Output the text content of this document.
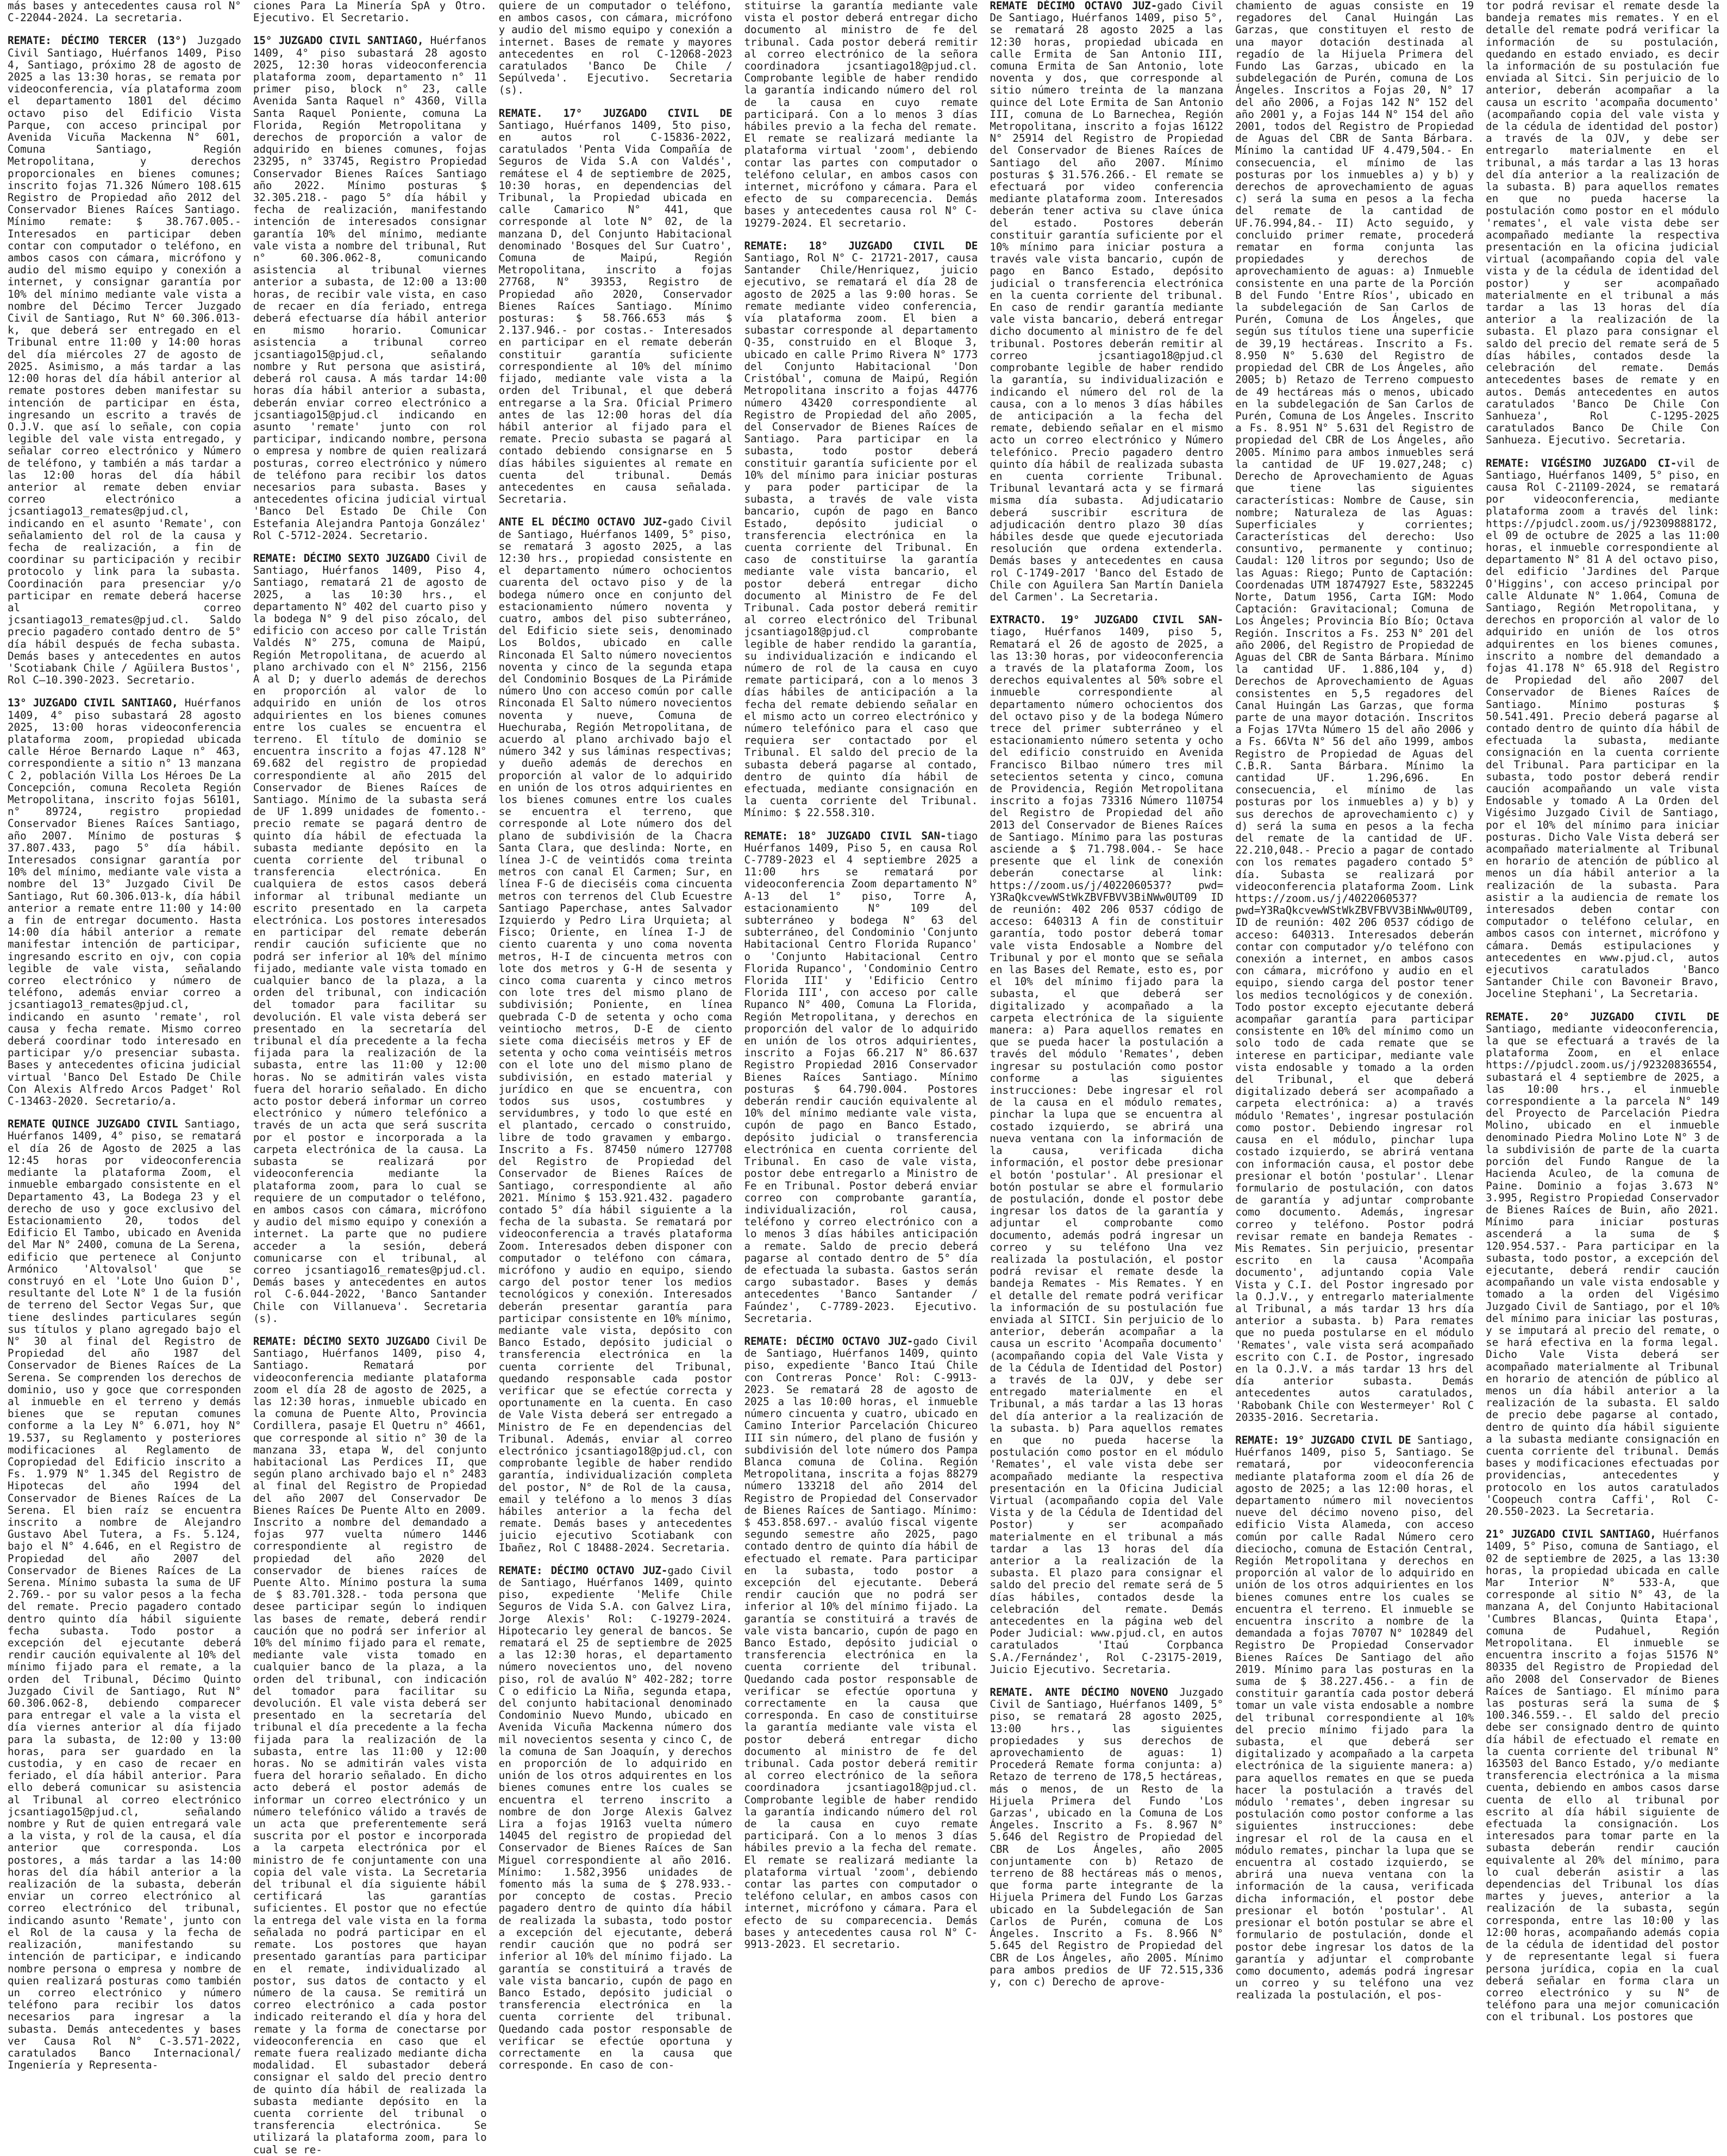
más bases y antecedentes causa rol N° C-22044-2024. La secretaria.

REMATE: DÉCIMO TERCER (13°) Juzgado Civil Santiago, Huérfanos 1409, Piso 4, Santiago, próximo 28 de agosto de 2025 a las 13:30 horas, se remata por videoconferencia, vía plataforma zoom el departamento 1801 del décimo octavo piso del Edificio Vista Parque, con acceso principal por Avenida Vicuña Mackenna N° 601, Comuna Santiago, Región Metropolitana, y derechos proporcionales en bienes comunes; inscrito fojas 71.326 Número 108.615 Registro de Propiedad año 2012 del Conservador Bienes Raíces Santiago. Mínimo remate: $ 38.767.005.- Interesados en participar deben contar con computador o teléfono, en ambos casos con cámara, micrófono y audio del mismo equipo y conexión a internet, y consignar garantía por 10% del mínimo mediante vale vista a nombre del Décimo Tercer Juzgado Civil de Santiago, Rut N° 60.306.013-k, que deberá ser entregado en el Tribunal entre 11:00 y 14:00 horas del día miércoles 27 de agosto de 2025. Asimismo, a más tardar a las 12:00 horas del día hábil anterior al remate postores deben manifestar su intención de participar en ésta, ingresando un escrito a través de O.J.V. que así lo señale, con copia legible del vale vista entregado, y señalar correo electrónico y Número de teléfono, y también a más tardar a las 12:00 horas del día hábil anterior al remate deben enviar correo electrónico a jcsantiago13_remates@pjud.cl, indicando en el asunto 'Remate', con señalamiento del rol de la causa y fecha de realización, a fin de coordinar su participación y recibir protocolo y link para la subasta. Coordinación para presenciar y/o participar en remate deberá hacerse al correo jcsantiago13_remates@pjud.cl. Saldo precio pagadero contado dentro de 5° día hábil después de fecha subasta. Demás bases y antecedentes en autos 'Scotiabank Chile / Agüilera Bustos', Rol C—10.390-2023. Secretario.

13° JUZGADO CIVIL SANTIAGO, Huérfanos 1409, 4° piso subastará 28 agosto 2025, 13:00 horas videoconferencia plataforma zoom, propiedad ubicada calle Héroe Bernardo Laque n° 463, correspondiente a sitio n° 13 manzana C 2, población Villa Los Héroes De La Concepción, comuna Recoleta Región Metropolitana, inscrito fojas 56101, n° 89724, registro propiedad Conservador Bienes Raíces Santiago, año 2007. Mínimo de posturas $ 37.807.433, pago 5° día hábil. Interesados consignar garantía por 10% del mínimo, mediante vale vista a nombre del 13° Juzgado Civil De Santiago, Rut 60.306.013-k, día hábil anterior a remate entre 11:00 y 14:00 a fin de entregar documento. Hasta 14:00 día hábil anterior a remate manifestar intención de participar, ingresando escrito en ojv, con copia legible de vale vista, señalando correo electrónico y número de teléfono, además enviar correo a jcsantiago13_remates@pjud.cl, indicando en asunto 'remate', rol causa y fecha remate. Mismo correo deberá coordinar todo interesado en participar y/o presenciar subasta. Bases y antecedentes oficina judicial virtual 'Banco Del Estado De Chile Con Alexis Alfredo Arcos Padget' Rol C-13463-2020. Secretario/a.

REMATE QUINCE JUZGADO CIVIL Santiago, Huérfanos 1409, 4° piso, se rematará el día 26 de Agosto de 2025 a las 12:45 horas por videoconferencia mediante la plataforma Zoom, el inmueble embargado consistente en el Departamento 43, La Bodega 23 y el derecho de uso y goce exclusivo del Estacionamiento 20, todos del Edificio El Tambo, ubicado en Avenida del Mar N° 2400, comuna de La Serena, edificio que pertenece al Conjunto Armónico 'Altovalsol' que se construyó en el 'Lote Uno Guion D', resultante del Lote N° 1 de la fusión de terreno del Sector Vegas Sur, que tiene deslindes particulares según sus títulos y plano agregado bajo el N° 30 al final del Registro de Propiedad del año 1987 del Conservador de Bienes Raíces de La Serena. Se comprenden los derechos de dominio, uso y goce que corresponden al inmueble en el terreno y demás bienes que se reputan comunes conforme a la Ley N° 6.071, hoy N° 19.537, su Reglamento y posteriores modificaciones al Reglamento de Copropiedad del Edificio inscrito a Fs. 1.979 N° 1.345 del Registro de Hipotecas del año 1994 del Conservador de Bienes Raíces de La Serena. El bien raíz se encuentra inscrito a nombre de Alejandro Gustavo Abel Tutera, a Fs. 5.124, bajo el N° 4.646, en el Registro de Propiedad del año 2007 del Conservador de Bienes Raíces de La Serena. Mínimo subasta la suma de UF 2.769.- por su valor pesos a la fecha del remate. Precio pagadero contado dentro quinto día hábil siguiente fecha subasta. Todo postor a excepción del ejecutante deberá rendir caución equivalente al 10% del mínimo fijado para el remate, a la orden del Tribunal, Décimo Quinto Juzgado Civil de Santiago, Rut N° 60.306.062-8, debiendo comparecer para entregar el vale a la vista el día viernes anterior al día fijado para la subasta, de 12:00 y 13:00 horas, para ser guardado en la custodia, y en caso de recaer en feriado, el día hábil anterior. Para ello deberá comunicar su asistencia al Tribunal al correo electrónico jcsantiago15@pjud.cl, señalando nombre y Rut de quien entregará vale a la vista, y rol de la causa, el día anterior que corresponda. Los postores, a más tardar a las 14:00 horas del día hábil anterior a la realización de la subasta, deberán enviar un correo electrónico al correo electrónico del tribunal, indicando asunto 'Remate', junto con el Rol de la causa y la fecha de realización, manifestando su intención de participar, e indicando nombre persona o empresa y nombre de quien realizará posturas como también un correo electrónico y número teléfono para recibir los datos necesarios para ingresar a la subasta. Demás antecedentes y bases ver Causa Rol N° C-3.571-2022, caratulados Banco Internacional/ Ingeniería y Representa-

ciones Para La Minería SpA y Otro. Ejecutivo. El Secretario.

15° JUZGADO CIVIL SANTIAGO, Huérfanos 1409, 4° piso subastará 28 agosto 2025, 12:30 horas videoconferencia plataforma zoom, departamento n° 11 primer piso, block n° 23, calle Avenida Santa Raquel n° 4360, Villa Santa Raquel Poniente, comuna La Florida, Región Metropolitana y derechos de proporción a valor de adquirido en bienes comunes, fojas 23295, n° 33745, Registro Propiedad Conservador Bienes Raíces Santiago año 2022. Mínimo posturas $ 32.305.218.- pago 5° día hábil y fecha de realización, manifestando intención de interesados consignar garantía 10% del mínimo, mediante vale vista a nombre del tribunal, Rut n° 60.306.062-8, comunicando asistencia al tribunal viernes anterior a subasta, de 12:00 a 13:00 horas, de recibir vale vista, en caso de recaer en día feriado, entrega deberá efectuarse día hábil anterior en mismo horario. Comunicar asistencia a tribunal correo jcsantiago15@pjud.cl, señalando nombre y Rut persona que asistirá, deberá rol causa. A más tardar 14:00 horas día hábil anterior a subasta, deberán enviar correo electrónico a jcsantiago15@pjud.cl indicando en asunto 'remate' junto con rol participar, indicando nombre, persona o empresa y nombre de quien realizará posturas, correo electrónico y número de teléfono para recibir los datos necesarios para subasta. Bases y antecedentes oficina judicial virtual 'Banco Del Estado De Chile Con Estefania Alejandra Pantoja González' Rol C-5712-2024. Secretario.

REMATE: DÉCIMO SEXTO JUZGADO Civil de Santiago, Huérfanos 1409, Piso 4, Santiago, rematará 21 de agosto de 2025, a las 10:30 hrs., el departamento N° 402 del cuarto piso y la bodega N° 9 del piso zócalo, del edificio con acceso por calle Tristán Valdés N° 275, comuna de Maipú, Región Metropolitana, de acuerdo al plano archivado con el N° 2156, 2156 A al D; y duerlo además de derechos en proporción al valor de lo adquirido en unión de los otros adquirientes en los bienes comunes entre los cuales se encuentra el terreno. El título de dominio se encuentra inscrito a fojas 47.128 N° 69.682 del registro de propiedad correspondiente al año 2015 del Conservador de Bienes Raíces de Santiago. Mínimo de la subasta será de UF 1.899 unidades de fomento.- precio remate se pagará dentro de quinto día hábil de efectuada la subasta mediante depósito en la cuenta corriente del tribunal o transferencia electrónica. En cualquiera de estos casos deberá informar al tribunal mediante un escrito presentado en la carpeta electrónica. Los postores interesados en participar del remate deberán rendir caución suficiente que no podrá ser inferior al 10% del mínimo fijado, mediante vale vista tomado en cualquier banco de la plaza, a la orden del tribunal, con indicación del tomador para facilitar su devolución. El vale vista deberá ser presentado en la secretaría del tribunal el día precedente a la fecha fijada para la realización de la subasta, entre las 11:00 y 12:00 horas. No se admitirán vales vista fuera del horario señalado. En dicho acto postor deberá informar un correo electrónico y número telefónico a través de un acta que será suscrita por el postor e incorporada a la carpeta electrónica de la causa. La subasta se realizará por videoconferencia mediante la plataforma zoom, para lo cual se requiere de un computador o teléfono, en ambos casos con cámara, micrófono y audio del mismo equipo y conexión a internet. La parte que no pudiere acceder a la sesión, deberá comunicarse con el tribunal, al correo jcsantiago16_remates@pjud.cl. Demás bases y antecedentes en autos rol C-6.044-2022, 'Banco Santander Chile con Villanueva'. Secretaria (s).

REMATE: DÉCIMO SEXTO JUZGADO Civil De Santiago, Huérfanos 1409, piso 4, Santiago. Rematará por videoconferencia mediante plataforma zoom el día 28 de agosto de 2025, a las 12:30 horas, inmueble ubicado en la comuna de Puente Alto, Provincia Cordillera, pasaje El Quetru n° 4661, que corresponde al sitio n° 30 de la manzana 33, etapa W, del conjunto habitacional Las Perdices II, que según plano archivado bajo el n° 2483 al final del Registro de Propiedad del año 2007 del Conservador De Bienes Raíces De Puente Alto en 2009. Inscrito a nombre del demandado a fojas 977 vuelta número 1446 correspondiente al registro de propiedad del año 2020 del conservador de bienes raíces de Puente Alto. Mínimo postura la suma de $ 83.701.328.- toda persona que desee participar según lo indiquen las bases de remate, deberá rendir caución que no podrá ser inferior al 10% del mínimo fijado para el remate, mediante vale vista tomado en cualquier banco de la plaza, a la orden del tribunal, con indicación del tomador para facilitar su devolución. El vale vista deberá ser presentado en la secretaría del tribunal el día precedente a la fecha fijada para la realización de la subasta, entre las 11:00 y 12:00 horas. No se admitirán vales vista fuera del horario señalado. En dicho acto deberá el postor además de informar un correo electrónico y un número telefónico válido a través de un acta que preferentemente será suscrita por el postor e incorporada a la carpeta electrónica por el ministro de fe conjuntamente con una copia del vale vista. La Secretaria del tribunal el día siguiente hábil certificará las garantías suficientes. El postor que no efectúe la entrega del vale vista en la forma señalada no podrá participar en el remate. Los postores que hayan presentado garantías para participar en el remate, individualizado al postor, sus datos de contacto y el número de la causa. Se remitirá un correo electrónico a cada postor indicado reiterando el día y hora del remate y la forma de conectarse por videoconferencia en caso que el remate fuera realizado mediante dicha modalidad. El subastador deberá consignar el saldo del precio dentro de quinto día hábil de realizada la subasta mediante depósito en la cuenta corriente del tribunal o transferencia electrónica. Se utilizará la plataforma zoom, para lo cual se re-

quiere de un computador o teléfono, en ambos casos, con cámara, micrófono y audio del mismo equipo y conexión a internet. Bases de remate y mayores antecedentes en rol C-12068-2023 caratulados 'Banco De Chile / Sepúlveda'. Ejecutivo. Secretaria (s).

REMATE. 17° JUZGADO CIVIL DE Santiago, Huérfanos 1409, 5to piso, en autos rol C-15836-2022, caratulados 'Penta Vida Compañía de Seguros de Vida S.A con Valdés', remátese el 4 de septiembre de 2025, 10:30 horas, en dependencias del Tribunal, la Propiedad ubicada en calle Camarico N° 441, que corresponde al lote N° 02, de la manzana D, del Conjunto Habitacional denominado 'Bosques del Sur Cuatro', Comuna de Maipú, Región Metropolitana, inscrito a fojas 27768, N° 39353, Registro de Propiedad año 2020, Conservador Bienes Raíces Santiago. Mínimo posturas: $ 58.766.653 más $ 2.137.946.- por costas.- Interesados en participar en el remate deberán constituir garantía suficiente correspondiente al 10% del mínimo fijado, mediante vale vista a la orden del Tribunal, el que deberá entregarse a la Sra. Oficial Primero antes de las 12:00 horas del día hábil anterior al fijado para el remate. Precio subasta se pagará al contado debiendo consignarse en 5 días hábiles siguientes al remate en cuenta del tribunal. Demás antecedentes en causa señalada. Secretaria.

ANTE EL DÉCIMO OCTAVO JUZ-gado Civil de Santiago, Huérfanos 1409, 5° piso, se rematará 3 agosto 2025, a las 12:30 hrs., propiedad consistente en el departamento número ochocientos cuarenta del octavo piso y de la bodega número once en conjunto del estacionamiento número noventa y cuatro, ambos del piso subterráneo, del Edificio siete seis, denominado Los Boldos, ubicado en calle Rinconada El Salto número novecientos noventa y cinco de la segunda etapa del Condominio Bosques de La Pirámide número Uno con acceso común por calle Rinconada El Salto número novecientos noventa y nueve, Comuna de Huechuraba, Región Metropolitana, de acuerdo al plano archivado bajo el número 342 y sus láminas respectivas; y dueño además de derechos en proporción al valor de lo adquirido en unión de los otros adquirientes en los bienes comunes entre los cuales se encuentra el terreno, que corresponde al Lote número dos del plano de subdivisión de la Chacra Santa Clara, que deslinda: Norte, en línea J-C de veintidós coma treinta metros con canal El Carmen; Sur, en línea F-G de dieciséis coma cincuenta metros con terrenos del Club Ecuestre Santiago Paperchase, antes Salvador Izquierdo y Pedro Lira Urquieta; al Fisco; Oriente, en línea I-J de ciento cuarenta y uno coma noventa metros, H-I de cincuenta metros con lote dos metros y G-H de sesenta y cinco coma cuarenta y cinco metros con lote tres del mismo plano de subdivisión; Poniente, en línea quebrada C-D de setenta y ocho coma veintiocho metros, D-E de ciento siete coma dieciséis metros y EF de setenta y ocho coma veintiséis metros con el lote uno del mismo plano de subdivisión, en estado material y jurídico en que se encuentra, con todos sus usos, costumbres y servidumbres, y todo lo que esté en el plantado, cercado o construido, libre de todo gravamen y embargo. Inscrito a Fs. 87450 número 127708 del Registro de Propiedad del Conservador de Bienes Raíces de Santiago, correspondiente al año 2021. Mínimo $ 153.921.432. pagadero contado 5° día hábil siguiente a la fecha de la subasta. Se rematará por videoconferencia a través plataforma Zoom. Interesados deben disponer con computador o teléfono con cámara, micrófono y audio en equipo, siendo cargo del postor tener los medios tecnológicos y conexión. Interesados deberán presentar garantía para participar consistente en 10% mínimo, mediante vale vista, depósito con Banco Estado, depósito judicial o transferencia electrónica en la cuenta corriente del Tribunal, quedando responsable cada postor verificar que se efectúe correcta y oportunamente en la cuenta. En caso de Vale Vista deberá ser entregado a Ministro de Fe en dependencias del Tribunal. Además, enviar al correo electrónico jcsantiago18@pjud.cl, con comprobante legible de haber rendido garantía, individualización completa del postor, N° de Rol de la causa, email y teléfono a lo menos 3 días hábiles anterior a la fecha del remate. Demás bases y antecedentes juicio ejecutivo Scotiabank con Ibañez, Rol C 18488-2024. Secretaria.

REMATE: DÉCIMO OCTAVO JUZ-gado Civil de Santiago, Huérfanos 1409, quinto piso, expediente 'Melife Chile Seguros de Vida S.A. con Galvez Lira, Jorge Alexis' Rol: C-19279-2024. Hipotecario ley general de bancos. Se rematará el 25 de septiembre de 2025 a las 12:30 horas, el departamento número novecientos uno, del noveno piso, rol de avalúo N° 402-282; torre C o edificio La Niña, segunda etapa, del conjunto habitacional denominado Condominio Nuevo Mundo, ubicado en Avenida Vicuña Mackenna número dos mil novecientos sesenta y cinco C, de la comuna de San Joaquín, y derechos en proporción de lo adquirido en unión de los otros adquirentes en los bienes comunes entre los cuales se encuentra el terreno inscrito a nombre de don Jorge Alexis Galvez Lira a fojas 19163 vuelta número 14045 del registro de propiedad del Conservador de Bienes Raíces de San Miguel correspondiente al año 2016. Mínimo: 1.582,3956 unidades de fomento más la suma de $ 278.933.- por concepto de costas. Precio pagadero dentro de quinto día hábil de realizada la subasta, todo postor a excepción del ejecutante, deberá rendir caución que no podrá ser inferior al 10% del mínimo fijado. La garantía se constituirá a través de vale vista bancario, cupón de pago en Banco Estado, depósito judicial o transferencia electrónica en la cuenta corriente del tribunal. Quedando cada postor responsable de verificar se efectúe oportuna y correctamente en la causa que corresponde. En caso de con-

stituirse la garantía mediante vale vista el postor deberá entregar dicho documento al ministro de fe del tribunal. Cada postor deberá remitir al correo electrónico de la señora coordinadora jcsantiago18@pjud.cl. Comprobante legible de haber rendido la garantía indicando número del rol de la causa en cuyo remate participará. Con a lo menos 3 días hábiles previo a la fecha del remate. El remate se realizará mediante la plataforma virtual 'zoom', debiendo contar las partes con computador o teléfono celular, en ambos casos con internet, micrófono y cámara. Para el efecto de su comparecencia. Demás bases y antecedentes causa rol N° C-19279-2024. El secretario.

REMATE: 18° JUZGADO CIVIL DE Santiago, Rol N° C- 21721-2017, causa Santander Chile/Henriquez, juicio ejecutivo, se rematará el día 28 de agosto de 2025 a las 9:00 horas. Se remate mediante video conferencia, vía plataforma zoom. El bien a subastar corresponde al departamento Q-35, construido en el Bloque 3, ubicado en calle Primo Rivera N° 1773 del Conjunto Habitacional 'Don Cristóbal', comuna de Maipú, Región Metropolitana inscrito a fojas 44776 número 43420 correspondiente al Registro de Propiedad del año 2005, del Conservador de Bienes Raíces de Santiago. Para participar en la subasta, todo postor deberá constituir garantía suficiente por el 10% del mínimo para iniciar posturas y para poder participar de la subasta, a través de vale vista bancario, cupón de pago en Banco Estado, depósito judicial o transferencia electrónica en la cuenta corriente del Tribunal. En caso de constituirse la garantía mediante vale vista bancario, el postor deberá entregar dicho documento al Ministro de Fe del Tribunal. Cada postor deberá remitir al correo electrónico del Tribunal jcsantiago18@pjud.cl comprobante legible de haber rendido la garantía, su individualización e indicando el número de rol de la causa en cuyo remate participará, con a lo menos 3 días hábiles de anticipación a la fecha del remate debiendo señalar en el mismo acto un correo electrónico y número telefónico para el caso que requiera ser contactado por el Tribunal. El saldo del precio de la subasta deberá pagarse al contado, dentro de quinto día hábil de efectuada, mediante consignación en la cuenta corriente del Tribunal. Mínimo: $ 22.558.310.

REMATE: 18° JUZGADO CIVIL SAN-tiago Huérfanos 1409, Piso 5, en causa Rol C-7789-2023 el 4 septiembre 2025 a 11:00 hrs se rematará por videoconferencia Zoom departamento N° A-13 del 1° piso, Torre A, estacionamiento N° 109 del subterráneo y bodega N° 63 del subterráneo, del Condominio 'Conjunto Habitacional Centro Florida Rupanco' o 'Conjunto Habitacional Centro Florida Rupanco', 'Condominio Centro Florida III' y 'Edificio Centro Florida III', con acceso por calle Rupanco N° 400, Comuna La Florida, Región Metropolitana, y derechos en proporción del valor de lo adquirido en unión de los otros adquirientes, inscrito a Fojas 66.217 N° 86.637 Registro Propiedad 2016 Conservador Bienes Raíces Santiago. Mínimo posturas $ 64.790.004. Postores deberán rendir caución equivalente al 10% del mínimo mediante vale vista, cupón de pago en Banco Estado, depósito judicial o transferencia electrónica en cuenta corriente del Tribunal. En caso de vale vista, postor debe entregarlo a Ministro de Fe en Tribunal. Postor deberá enviar correo con comprobante garantía, individualización, rol causa, teléfono y correo electrónico con a lo menos 3 días hábiles anticipación a remate. Saldo de precio deberá pagarse al contado dentro de 5° día de efectuada la subasta. Gastos serán cargo subastador. Bases y demás antecedentes 'Banco Santander / Faúndez', C-7789-2023. Ejecutivo. Secretaria.

REMATE: DÉCIMO OCTAVO JUZ-gado Civil de Santiago, Huérfanos 1409, quinto piso, expediente 'Banco Itaú Chile con Contreras Ponce' Rol: C-9913-2023. Se rematará 28 de agosto de 2025 a las 10:00 horas, el inmueble número cincuenta y cuatro, ubicado en Camino Interior Parcelación Chicureo III sin número, del plano de fusión y subdivisión del lote número dos Pampa Blanca comuna de Colina. Región Metropolitana, inscrita a fojas 88279 número 133218 del año 2014 del Registro de Propiedad del Conservador de Bienes Raíces de Santiago. Mínimo: $ 453.858.697.- avalúo fiscal vigente segundo semestre año 2025, pago contado dentro de quinto día hábil de efectuado el remate. Para participar en la subasta, todo postor a excepción del ejecutante. Deberá rendir caución que no podrá ser inferior al 10% del mínimo fijado. La garantía se constituirá a través de vale vista bancario, cupón de pago en Banco Estado, depósito judicial o transferencia electrónica en la cuenta corriente del tribunal. Quedando cada postor responsable de verificar se efectúe oportuna y correctamente en la causa que corresponda. En caso de constituirse la garantía mediante vale vista el postor deberá entregar dicho documento al ministro de fe del tribunal. Cada postor deberá remitir al correo electrónico de la señora coordinadora jcsantiago18@pjud.cl. Comprobante legible de haber rendido la garantía indicando número del rol de la causa en cuyo remate participará. Con a lo menos 3 días hábiles previo a la fecha del remate. El remate se realizará mediante la plataforma virtual 'zoom', debiendo contar las partes con computador o teléfono celular, en ambos casos con internet, micrófono y cámara. Para el efecto de su comparecencia. Demás bases y antecedentes causa rol N° C-9913-2023. El secretario.

REMATE DÉCIMO OCTAVO JUZ-gado Civil De Santiago, Huérfanos 1409, piso 5°, se rematará 28 agosto 2025 a las 12:30 horas, propiedad ubicada en calle Ermita de San Antonio III, comuna Ermita de San Antonio, lote noventa y dos, que corresponde al sitio número treinta de la manzana quince del Lote Ermita de San Antonio III, comuna de Lo Barnechea, Región Metropolitana, inscrito a fojas 16122 N° 25914 del Registro de Propiedad del Conservador de Bienes Raíces de Santiago del año 2007. Mínimo posturas $ 31.576.266.- El remate se efectuará por video conferencia mediante plataforma zoom. Interesados deberán tener activa su clave única del estado. Postores deberán constituir garantía suficiente por el 10% mínimo para iniciar postura a través vale vista bancario, cupón de pago en Banco Estado, depósito judicial o transferencia electrónica en la cuenta corriente del tribunal. En caso de rendir garantía mediante vale vista bancario, deberá entregar dicho documento al ministro de fe del tribunal. Postores deberán remitir al correo jcsantiago18@pjud.cl comprobante legible de haber rendido la garantía, su individualización e indicando el número del rol de la causa, con a lo menos 3 días hábiles de anticipación a la fecha del remate, debiendo señalar en el mismo acto un correo electrónico y Número telefónico. Precio pagadero dentro quinto día hábil de realizada subasta en cuenta corriente Tribunal. Tribunal levantará acta y se firmará misma día subasta. Adjudicatario deberá suscribir escritura de adjudicación dentro plazo 30 días hábiles desde que quede ejecutoriada resolución que ordena extenderla. Demás bases y antecedentes en causa rol C-1749-2017 'Banco del Estado de Chile con Aguilera San Martín Daniela del Carmen'. La Secretaria.

EXTRACTO. 19° JUZGADO CIVIL SAN-tiago, Huérfanos 1409, piso 5, Rematará el 26 de agosto de 2025, a las 13:30 horas, por videoconferencia a través de la plataforma Zoom, los derechos equivalentes al 50% sobre el inmueble correspondiente al departamento número ochocientos dos del octavo piso y de la bodega Número trece del primer subterráneo y el estacionamiento número setenta y ocho del edificio construido en Avenida Francisco Bilbao número tres mil setecientos setenta y cinco, comuna de Providencia, Región Metropolitana inscrito a fojas 73316 Número 110754 del Registro de Propiedad del año 2013 del Conservador de Bienes Raíces de Santiago. Mínimo para las posturas asciende a $ 71.798.004.- Se hace presente que el link de conexión deberán conectarse al link: https://zoom.us/j/4022060537? pwd= Y3RaQkcvewWStWkZBVFBVV3BiNWw0UT09 ID de reunión: 402 206 0537 código de acceso: 640313 A fin de constituir garantía, todo postor deberá tomar vale vista Endosable a Nombre del Tribunal y por el monto que se señala en las Bases del Remate, esto es, por el 10% del mínimo fijado para la subasta, el que deberá ser digitalizado y acompañado a la carpeta electrónica de la siguiente manera: a) Para aquellos remates en que se pueda hacer la postulación a través del módulo 'Remates', deben ingresar su postulación como postor conforme a las siguientes instrucciones: Debe ingresar el rol de la causa en el módulo remates, pinchar la lupa que se encuentra al costado izquierdo, se abrirá una nueva ventana con la información de la causa, verificada dicha información, el postor debe presionar el botón 'postular'. Al presionar el botón postular se abre el formulario de postulación, donde el postor debe ingresar los datos de la garantía y adjuntar el comprobante como documento, además podrá ingresar un correo y su teléfono Una vez realizada la postulación, el postor podrá revisar el remate desde la bandeja Remates - Mis Remates. Y en el detalle del remate podrá verificar la información de su postulación fue enviada al SITCI. Sin perjuicio de lo anterior, deberán acompañar a la causa un escrito 'Acompaña documento' (acompañando copia del Vale Vista y de la Cédula de Identidad del Postor) a través de la OJV, y debe ser entregado materialmente en el Tribunal, a más tardar a las 13 horas del día anterior a la realización de la subasta. b) Para aquellos remates en que no pueda hacerse la postulación como postor en el módulo 'Remates', el vale vista debe ser acompañado mediante la respectiva presentación en la Oficina Judicial Virtual (acompañando copia del Vale Vista y de la Cédula de Identidad del Postor) y ser acompañado materialmente en el tribunal a más tardar a las 13 horas del día anterior a la realización de la subasta. El plazo para consignar el saldo del precio del remate será de 5 días hábiles, contados desde la celebración del remate. Demás antecedentes en la página web del Poder Judicial: www.pjud.cl, en autos caratulados 'Itaú Corpbanca S.A./Fernández', Rol C-23175-2019, Juicio Ejecutivo. Secretaria.

REMATE. ANTE DÉCIMO NOVENO Juzgado Civil de Santiago, Huérfanos 1409, 5° piso, se rematará 28 agosto 2025, 13:00 hrs., las siguientes propiedades y sus derechos de aprovechamiento de aguas: 1) Procederá Remate forma conjunta: a) Retazo de terreno de 178,5 hectáreas, más o menos, de un Resto de la Hijuela Primera del Fundo 'Los Garzas', ubicado en la Comuna de Los Ángeles. Inscrito a Fs. 8.967 N° 5.646 del Registro de Propiedad del CBR de Los Ángeles, año 2005 conjuntamente con b) Retazo de terreno de 88 hectáreas más o menos, que forma parte integrante de la Hijuela Primera del Fundo Los Garzas ubicado en la Subdelegación de San Carlos de Purén, comuna de Los Ángeles. Inscrito a Fs. 8.966 N° 5.645 del Registro de Propiedad del CBR de Los Ángeles, año 2005. Mínimo para ambos predios de UF 72.515,336 y, con c) Derecho de aprove-

chamiento de aguas consiste en 19 regadores del Canal Huingán Las Garzas, que constituyen el resto de una mayor dotación destinada al regadío de la Hijuela Primera del Fundo Las Garzas, ubicado en la subdelegación de Purén, comuna de Los Ángeles. Inscritos a Fojas 20, N° 17 del año 2006, a Fojas 142 N° 152 del año 2001 y, a Fojas 144 N° 154 del año 2001, todos del Registro de Propiedad de Aguas del CBR de Santa Bárbara. Mínimo la cantidad UF 4.479,504.- En consecuencia, el mínimo de las posturas por los inmuebles a) y b) y derechos de aprovechamiento de aguas c) será la suma en pesos a la fecha del remate de la cantidad de UF.76.994,84.- II) Acto seguido, y concluido primer remate, procederá rematar en forma conjunta las propiedades y derechos de aprovechamiento de aguas: a) Inmueble consistente en una parte de la Porción B del Fundo 'Entre Ríos', ubicado en la subdelegación de San Carlos de Purén, Comuna de Los Ángeles, que según sus títulos tiene una superficie de 39,19 hectáreas. Inscrito a Fs. 8.950 N° 5.630 del Registro de propiedad del CBR de Los Ángeles, año 2005; b) Retazo de Terreno compuesto de 49 hectáreas más o menos, ubicado en la subdelegación de San Carlos de Purén, Comuna de Los Ángeles. Inscrito a Fs. 8.951 N° 5.631 del Registro de propiedad del CBR de Los Ángeles, año 2005. Mínimo para ambos inmuebles será la cantidad de UF 19.027,248; c) Derecho de Aprovechamiento de Aguas que tiene las siguientes características: Nombre de Cause, sin nombre; Naturaleza de las Aguas: Superficiales y corrientes; Características del derecho: Uso consuntivo, permanente y continuo; Caudal: 120 litros por segundo; Uso de las Aguas: Riego; Punto de Captación: Coordenadas UTM 18747927 Este, 5832245 Norte, Datum 1956, Carta IGM: Modo Captación: Gravitacional; Comuna de Los Ángeles; Provincia Bío Bío; Octava Región. Inscritos a Fs. 253 N° 201 del año 2006, del Registro de Propiedad de Aguas del CBR de Santa Bárbara. Mínimo la cantidad UF. 1.886,104 y, d) Derechos de Aprovechamiento de Aguas consistentes en 5,5 regadores del Canal Huingán Las Garzas, que forma parte de una mayor dotación. Inscritos a Fojas 17Vta Número 15 del año 2006 y a Fs. 66Vta N° 56 del año 1999, ambos Registro de Propiedad de Aguas del C.B.R. Santa Bárbara. Mínimo la cantidad UF. 1.296,696. En consecuencia, el mínimo de las posturas por los inmuebles a) y b) y sus derechos de aprovechamiento c) y d) será la suma en pesos a la fecha del remate de la cantidad de UF. 22.210,048.- Precio a pagar de contado con los remates pagadero contado 5° día. Subasta se realizará por videoconferencia plataforma Zoom. Link https://zoom.us/j/4022060537? pwd=Y3RaQkcvewWStWkZBVFBVV3BiNWw0UT09, ID de reunión: 402 206 0537 código de acceso: 640313. Interesados deberán contar con computador y/o teléfono con conexión a internet, en ambos casos con cámara, micrófono y audio en el equipo, siendo carga del postor tener los medios tecnológicos y de conexión. Todo postor excepto ejecutante deberá acompañar garantía para participar consistente en 10% del mínimo como un solo todo de cada remate que se interese en participar, mediante vale vista endosable y tomado a la orden del Tribunal, el que deberá digitalizado deberá ser acompañado a carpeta electrónica: a) a través módulo 'Remates', ingresar postulación como postor. Debiendo ingresar rol causa en el módulo, pinchar lupa costado izquierdo, se abrirá ventana con información causa, el postor debe presionar el botón 'postular'. Llenar formulario de postulación, con datos de garantía y adjuntar comprobante como documento. Además, ingresar correo y teléfono. Postor podrá revisar remate en bandeja Remates - Mis Remates. Sin perjuicio, presentar escrito en la causa 'Acompaña documento', adjuntando copia Vale Vista y C.I. del Postor ingresado por la O.J.V., y entregarlo materialmente al Tribunal, a más tardar 13 hrs día anterior a subasta. b) Para remates que no pueda postularse en el módulo 'Remates', vale vista será acompañado escrito con C.I. de Postor, ingresado en la O.J.V. a más tardar 13 hrs del día anterior subasta. Demás antecedentes autos caratulados, 'Rabobank Chile con Westermeyer' Rol C 20335-2016. Secretaria.

REMATE: 19° JUZGADO CIVIL DE Santiago, Huérfanos 1409, piso 5, Santiago. Se rematará, por videoconferencia mediante plataforma zoom el día 26 de agosto de 2025; a las 12:00 horas, el departamento número mil novecientos nueve del décimo noveno piso, del edificio Vista Alameda, con acceso común por calle Radal Número cero dieciocho, comuna de Estación Central, Región Metropolitana y derechos en proporción al valor de lo adquirido en unión de los otros adquirientes en los bienes comunes entre los cuales se encuentra el terreno. El inmueble se encuentra inscrito a nombre de la demandada a fojas 70707 N° 102849 del Registro De Propiedad Conservador Bienes Raíces De Santiago del año 2019. Mínimo para las posturas en la suma de $ 38.227.456.- a fin de constituir garantía cada postor deberá tomar un vale vista endosable a nombre del tribunal correspondiente al 10% del precio mínimo fijado para la subasta, el que deberá ser digitalizado y acompañado a la carpeta electrónica de la siguiente manera: a) para aquellos remates en que se pueda hacer la postulación a través del módulo 'remates', deben ingresar su postulación como postor conforme a las siguientes instrucciones: debe ingresar el rol de la causa en el módulo remates, pinchar la lupa que se encuentra al costado izquierdo, se abrirá una nueva ventana con la información de la causa, verificada dicha información, el postor debe presionar el botón 'postular'. Al presionar el botón postular se abre el formulario de postulación, donde el postor debe ingresar los datos de la garantía y adjuntar el comprobante como documento, además podrá ingresar un correo y su teléfono una vez realizada la postulación, el pos-

tor podrá revisar el remate desde la bandeja remates mis remates. Y en el detalle del remate podrá verificar la información de su postulación, quedando en estado enviado, es decir la información de su postulación fue enviada al Sitci. Sin perjuicio de lo anterior, deberán acompañar a la causa un escrito 'acompaña documento' (acompañando copia del vale vista y de la cédula de identidad del postor) a través de la OJV, y debe ser entregarlo materialmente en el tribunal, a más tardar a las 13 horas del día anterior a la realización de la subasta. B) para aquellos remates en que no pueda hacerse la postulación como postor en el módulo 'remates', el vale vista debe ser acompañado mediante la respectiva presentación en la oficina judicial virtual (acompañando copia del vale vista y de la cédula de identidad del postor) y ser acompañado materialmente en el tribunal a más tardar a las 13 horas del día anterior a la realización de la subasta. El plazo para consignar el saldo del precio del remate será de 5 días hábiles, contados desde la celebración del remate. Demás antecedentes bases de remate y en autos. Demás antecedentes en autos caratulados 'Banco De Chile Con Sanhueza', Rol C-1295-2025 caratulados Banco De Chile Con Sanhueza. Ejecutivo. Secretaria.

REMATE: VIGÉSIMO JUZGADO CI-vil de Santiago, Huérfanos 1409, 5° piso, en causa Rol C-21109-2024, se rematará por videoconferencia, mediante plataforma zoom a través del link: https://pjudcl.zoom.us/j/92309888172, el 09 de octubre de 2025 a las 11:00 horas, el inmueble correspondiente al departamento N° 81 A del octavo piso, del edificio 'Jardines del Parque O'Higgins', con acceso principal por calle Aldunate N° 1.064, Comuna de Santiago, Región Metropolitana, y derechos en proporción al valor de lo adquirido en unión de los otros adquirentes en los bienes comunes, inscrito a nombre del demandado a fojas 41.178 N° 65.918 del Registro de Propiedad del año 2007 del Conservador de Bienes Raíces de Santiago. Mínimo posturas $ 50.541.491. Precio deberá pagarse al contado dentro de quinto día hábil de efectuada la subasta, mediante consignación en la cuenta corriente del Tribunal. Para participar en la subasta, todo postor deberá rendir caución acompañando un vale vista Endosable y tomado A La Orden del Vigésimo Juzgado Civil de Santiago, por el 10% del mínimo para iniciar posturas. Dicho Vale Vista deberá ser acompañado materialmente al Tribunal en horario de atención de público al menos un día hábil anterior a la realización de la subasta. Para asistir a la audiencia de remate los interesados deben contar con computador o teléfono celular, en ambos casos con internet, micrófono y cámara. Demás estipulaciones y antecedentes en www.pjud.cl, autos ejecutivos caratulados 'Banco Santander Chile con Bavoneir Bravo, Joceline Stephani', La Secretaria.

REMATE. 20° JUZGADO CIVIL DE Santiago, mediante videoconferencia, la que se efectuará a través de la plataforma Zoom, en el enlace https://pjudcl.zoom.us/j/92320836554, subastará el 4 septiembre de 2025, a las 10:00 hrs., el inmueble correspondiente a la parcela N° 149 del Proyecto de Parcelación Piedra Molino, ubicado en el inmueble denominado Piedra Molino Lote N° 3 de la subdivisión de parte de la cuarta porción del Fundo Rangue de la Hacienda Aculeo, de la comuna de Paine. Dominio a fojas 3.673 N° 3.995, Registro Propiedad Conservador de Bienes Raíces de Buin, año 2021. Mínimo para iniciar posturas ascenderá a la suma de $ 120.954.537.- Para participar en la subasta, todo postor, a excepción del ejecutante, deberá rendir caución acompañando un vale vista endosable y tomado a la orden del Vigésimo Juzgado Civil de Santiago, por el 10% del mínimo para iniciar las posturas, y se imputará al precio del remate, o se hará efectiva en la forma legal. Dicho Vale Vista deberá ser acompañado materialmente al Tribunal en horario de atención de público al menos un día hábil anterior a la realización de la subasta. El saldo de precio debe pagarse al contado, dentro de quinto día hábil siguiente a la subasta mediante consignación en cuenta corriente del tribunal. Demás bases y modificaciones efectuadas por providencias, antecedentes y protocolo en los autos caratulados 'Coopeuch contra Caffi', Rol C-20.550-2023. La Secretaria.

21° JUZGADO CIVIL SANTIAGO, Huérfanos 1409, 5° Piso, comuna de Santiago, el 02 de septiembre de 2025, a las 13:30 horas, la propiedad ubicada en calle Mar Interior N° 533-A, que corresponde al sitio N° 43, de la manzana A, del Conjunto Habitacional 'Cumbres Blancas, Quinta Etapa', comuna de Pudahuel, Región Metropolitana. El inmueble se encuentra inscrito a fojas 51576 N° 80335 del Registro de Propiedad del año 2008 del Conservador de Bienes Raíces de Santiago. El mínimo para las posturas será la suma de $ 100.346.559.-. El saldo del precio debe ser consignado dentro de quinto día hábil de efectuado el remate en la cuenta corriente del tribunal N° 163503 del Banco Estado, y/o mediante transferencia electrónica a la misma cuenta, debiendo en ambos casos darse cuenta de ello al tribunal por escrito al día hábil siguiente de efectuada la consignación. Los interesados para tomar parte en la subasta deberán rendir caución equivalente al 20% del mínimo, para lo cual deberán asistir a las dependencias del Tribunal los días martes y jueves, anterior a la realización de la subasta, según corresponda, entre las 10:00 y las 12:00 horas, acompañando además copia de la cédula de identidad del postor y de representante legal si fuera persona jurídica, copia en la cual deberá señalar en forma clara un correo electrónico y su N° de teléfono para una mejor comunicación con el tribunal. Los postores que
